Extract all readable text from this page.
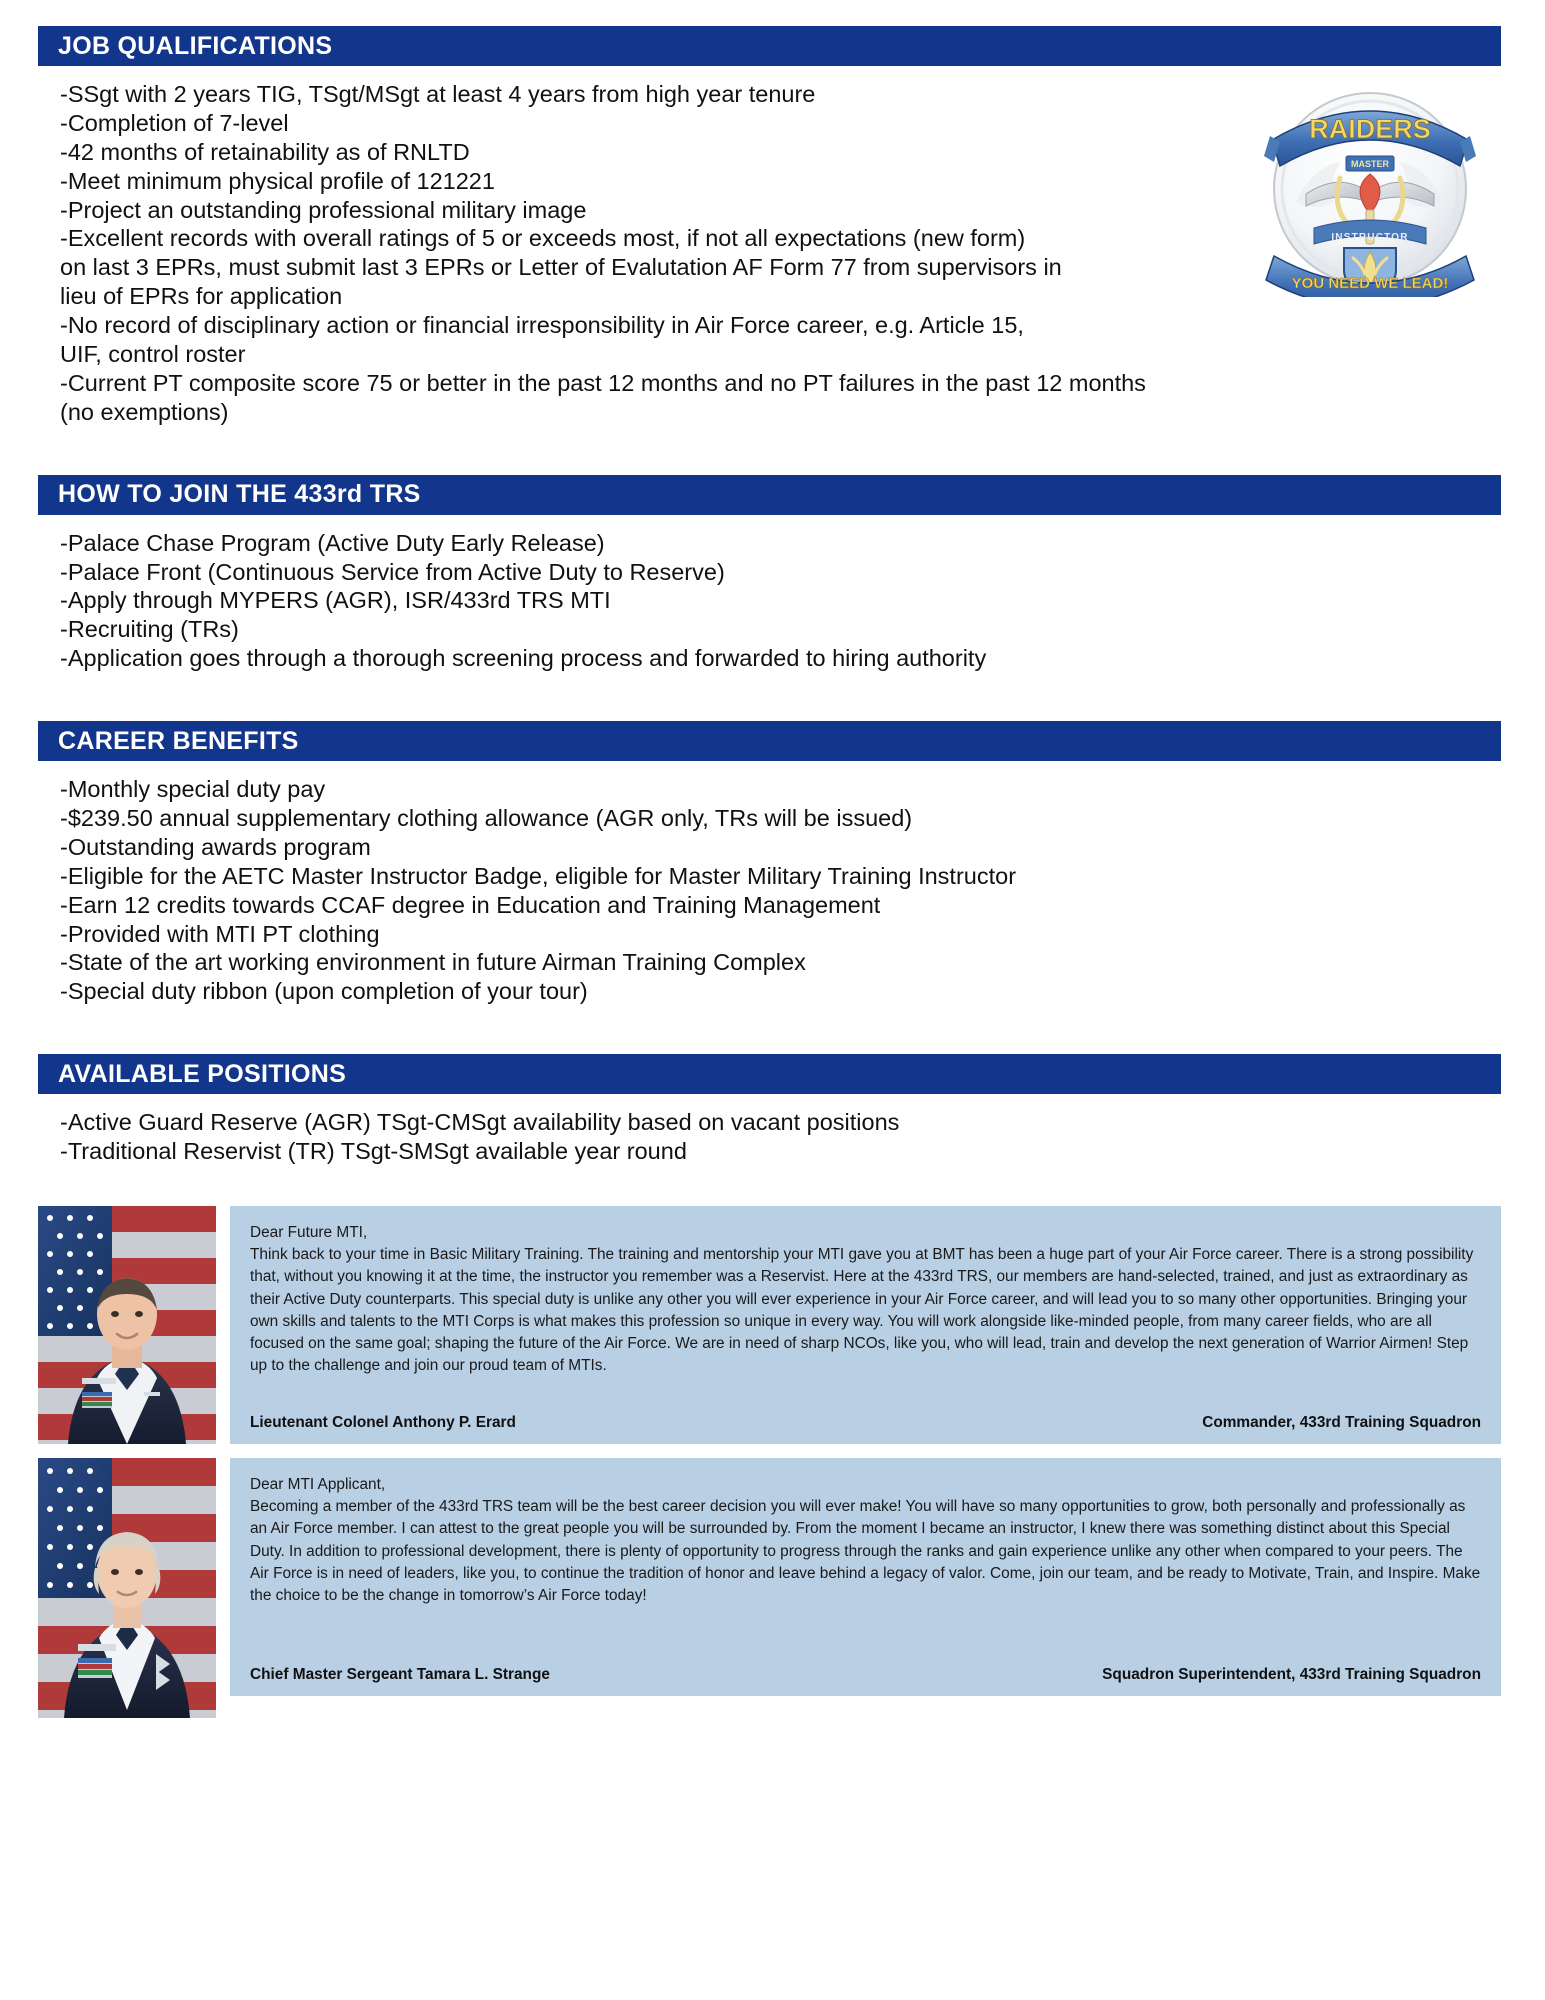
RAIDERS
MASTER
INSTRUCTOR
YOU NEED WE LEAD!
JOB QUALIFICATIONS
-SSgt with 2 years TIG, TSgt/MSgt at least 4 years from high year tenure
-Completion of 7-level
-42 months of retainability as of RNLTD
-Meet minimum physical profile of 121221
-Project an outstanding professional military image
-Excellent records with overall ratings of 5 or exceeds most, if not all expectations (new form)
on last 3 EPRs, must submit last 3 EPRs or Letter of Evalutation AF Form 77 from supervisors in
lieu of EPRs for application
-No record of disciplinary action or financial irresponsibility in Air Force career, e.g. Article 15,
UIF, control roster
-Current PT composite score 75 or better in the past 12 months and no PT failures in the past 12 months
(no exemptions)
HOW TO JOIN THE 433rd TRS
-Palace Chase Program (Active Duty Early Release)
-Palace Front (Continuous Service from Active Duty to Reserve)
-Apply through MYPERS (AGR), ISR/433rd TRS MTI
-Recruiting (TRs)
-Application goes through a thorough screening process and forwarded to hiring authority
CAREER BENEFITS
-Monthly special duty pay
-$239.50 annual supplementary clothing allowance (AGR only, TRs will be issued)
-Outstanding awards program
-Eligible for the AETC Master Instructor Badge, eligible for Master Military Training Instructor
-Earn 12 credits towards CCAF degree in Education and Training Management
-Provided with MTI PT clothing
-State of the art working environment in future Airman Training Complex
-Special duty ribbon (upon completion of your tour)
AVAILABLE POSITIONS
-Active Guard Reserve (AGR) TSgt-CMSgt availability based on vacant positions
-Traditional Reservist (TR) TSgt-SMSgt available year round
Dear Future MTI,
Think back to your time in Basic Military Training. The training and mentorship your MTI gave you at BMT has been a huge part of your Air Force career. There is a strong possibility that, without you knowing it at the time, the instructor you remember was a Reservist. Here at the 433rd TRS, our members are hand-selected, trained, and just as extraordinary as their Active Duty counterparts. This special duty is unlike any other you will ever experience in your Air Force career, and will lead you to so many other opportunities. Bringing your own skills and talents to the MTI Corps is what makes this profession so unique in every way. You will work alongside like-minded people, from many career fields, who are all focused on the same goal; shaping the future of the Air Force. We are in need of sharp NCOs, like you, who will lead, train and develop the next generation of Warrior Airmen! Step up to the challenge and join our proud team of MTIs.
Lieutenant Colonel Anthony P. Erard	Commander, 433rd Training Squadron
Dear MTI Applicant,
Becoming a member of the 433rd TRS team will be the best career decision you will ever make! You will have so many opportunities to grow, both personally and professionally as an Air Force member. I can attest to the great people you will be surrounded by. From the moment I became an instructor, I knew there was something distinct about this Special Duty. In addition to professional development, there is plenty of opportunity to progress through the ranks and gain experience unlike any other when compared to your peers. The Air Force is in need of leaders, like you, to continue the tradition of honor and leave behind a legacy of valor. Come, join our team, and be ready to Motivate, Train, and Inspire. Make the choice to be the change in tomorrow’s Air Force today!
Chief Master Sergeant Tamara L. Strange	Squadron Superintendent, 433rd Training Squadron
